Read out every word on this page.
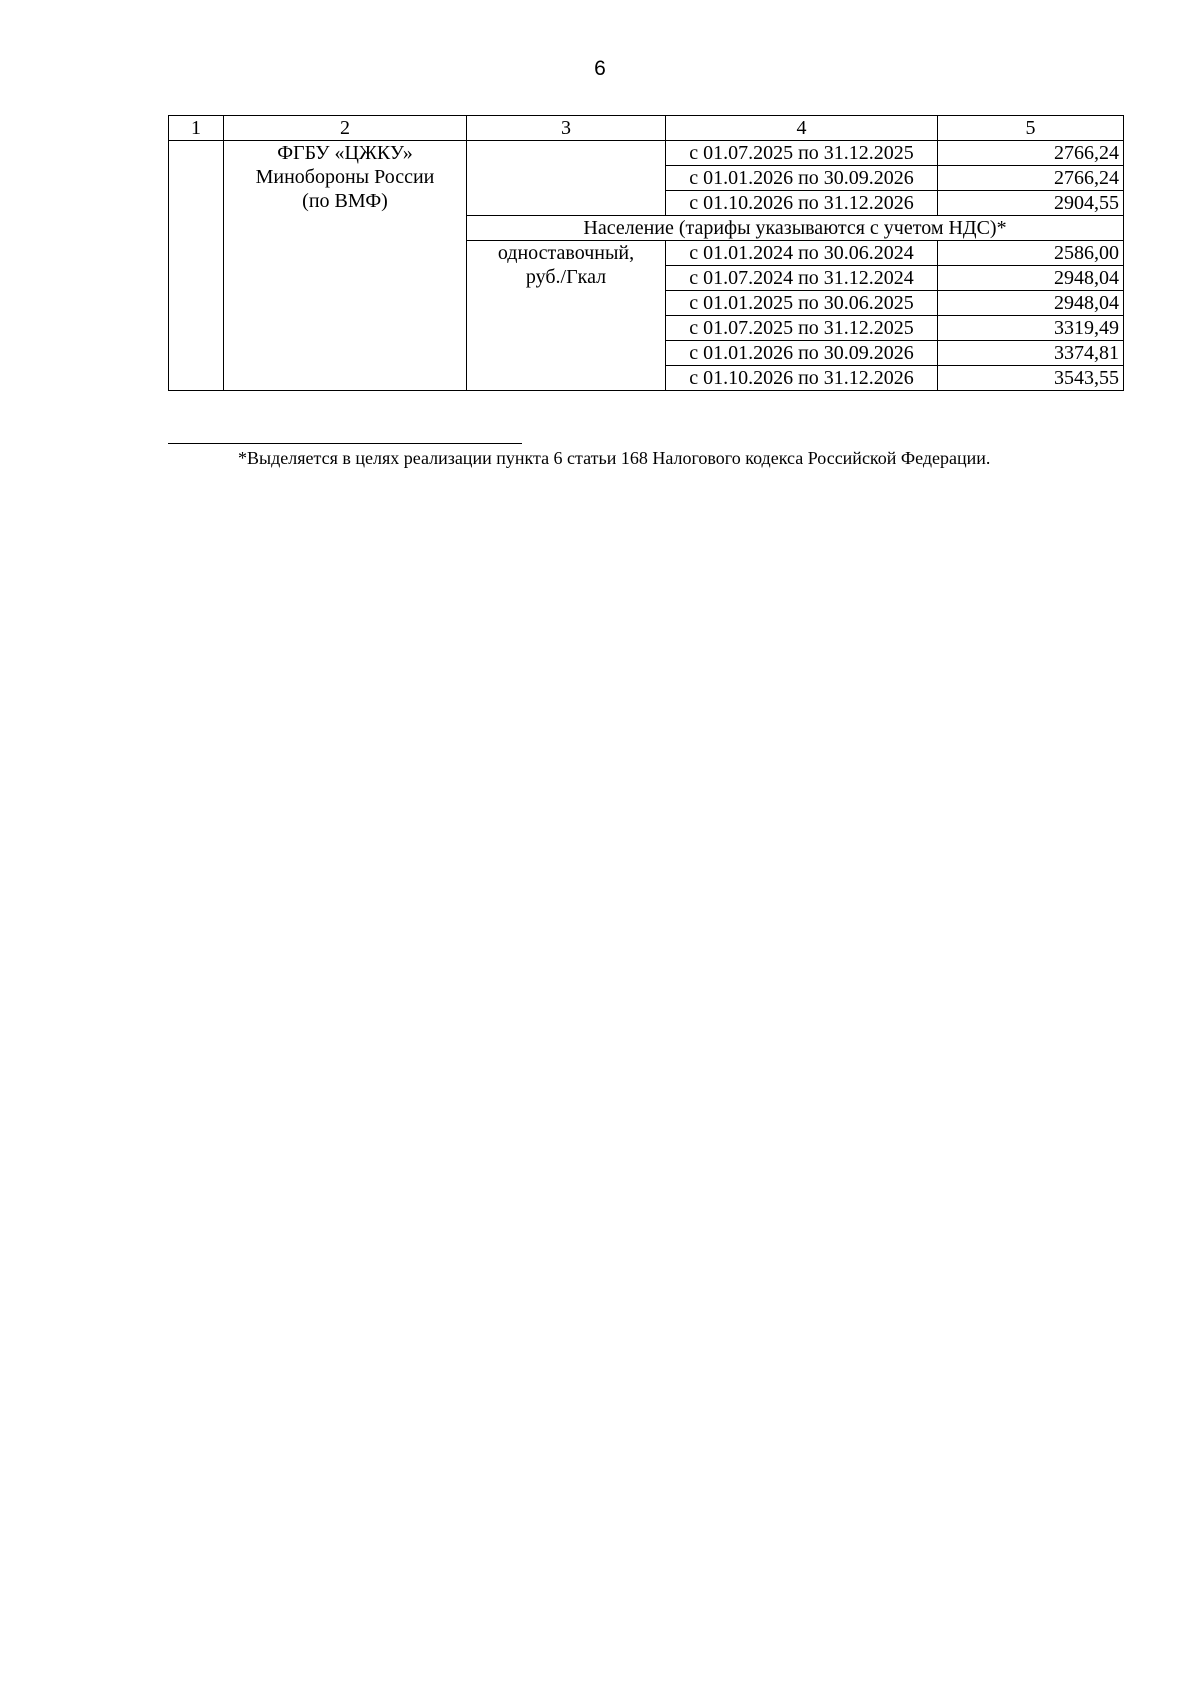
6
1	2	3	4	5
	ФГБУ «ЦЖКУ»
Минобороны России
(по ВМФ)		с 01.07.2025 по 31.12.2025	2766,24
			с 01.01.2026 по 30.09.2026	2766,24
			с 01.10.2026 по 31.12.2026	2904,55
		Население (тарифы указываются с учетом НДС)*		
		одноставочный,
руб./Гкал	с 01.01.2024 по 30.06.2024	2586,00
			с 01.07.2024 по 31.12.2024	2948,04
			с 01.01.2025 по 30.06.2025	2948,04
			с 01.07.2025 по 31.12.2025	3319,49
			с 01.01.2026 по 30.09.2026	3374,81
			с 01.10.2026 по 31.12.2026	3543,55
*Выделяется в целях реализации пункта 6 статьи 168 Налогового кодекса Российской Федерации.
